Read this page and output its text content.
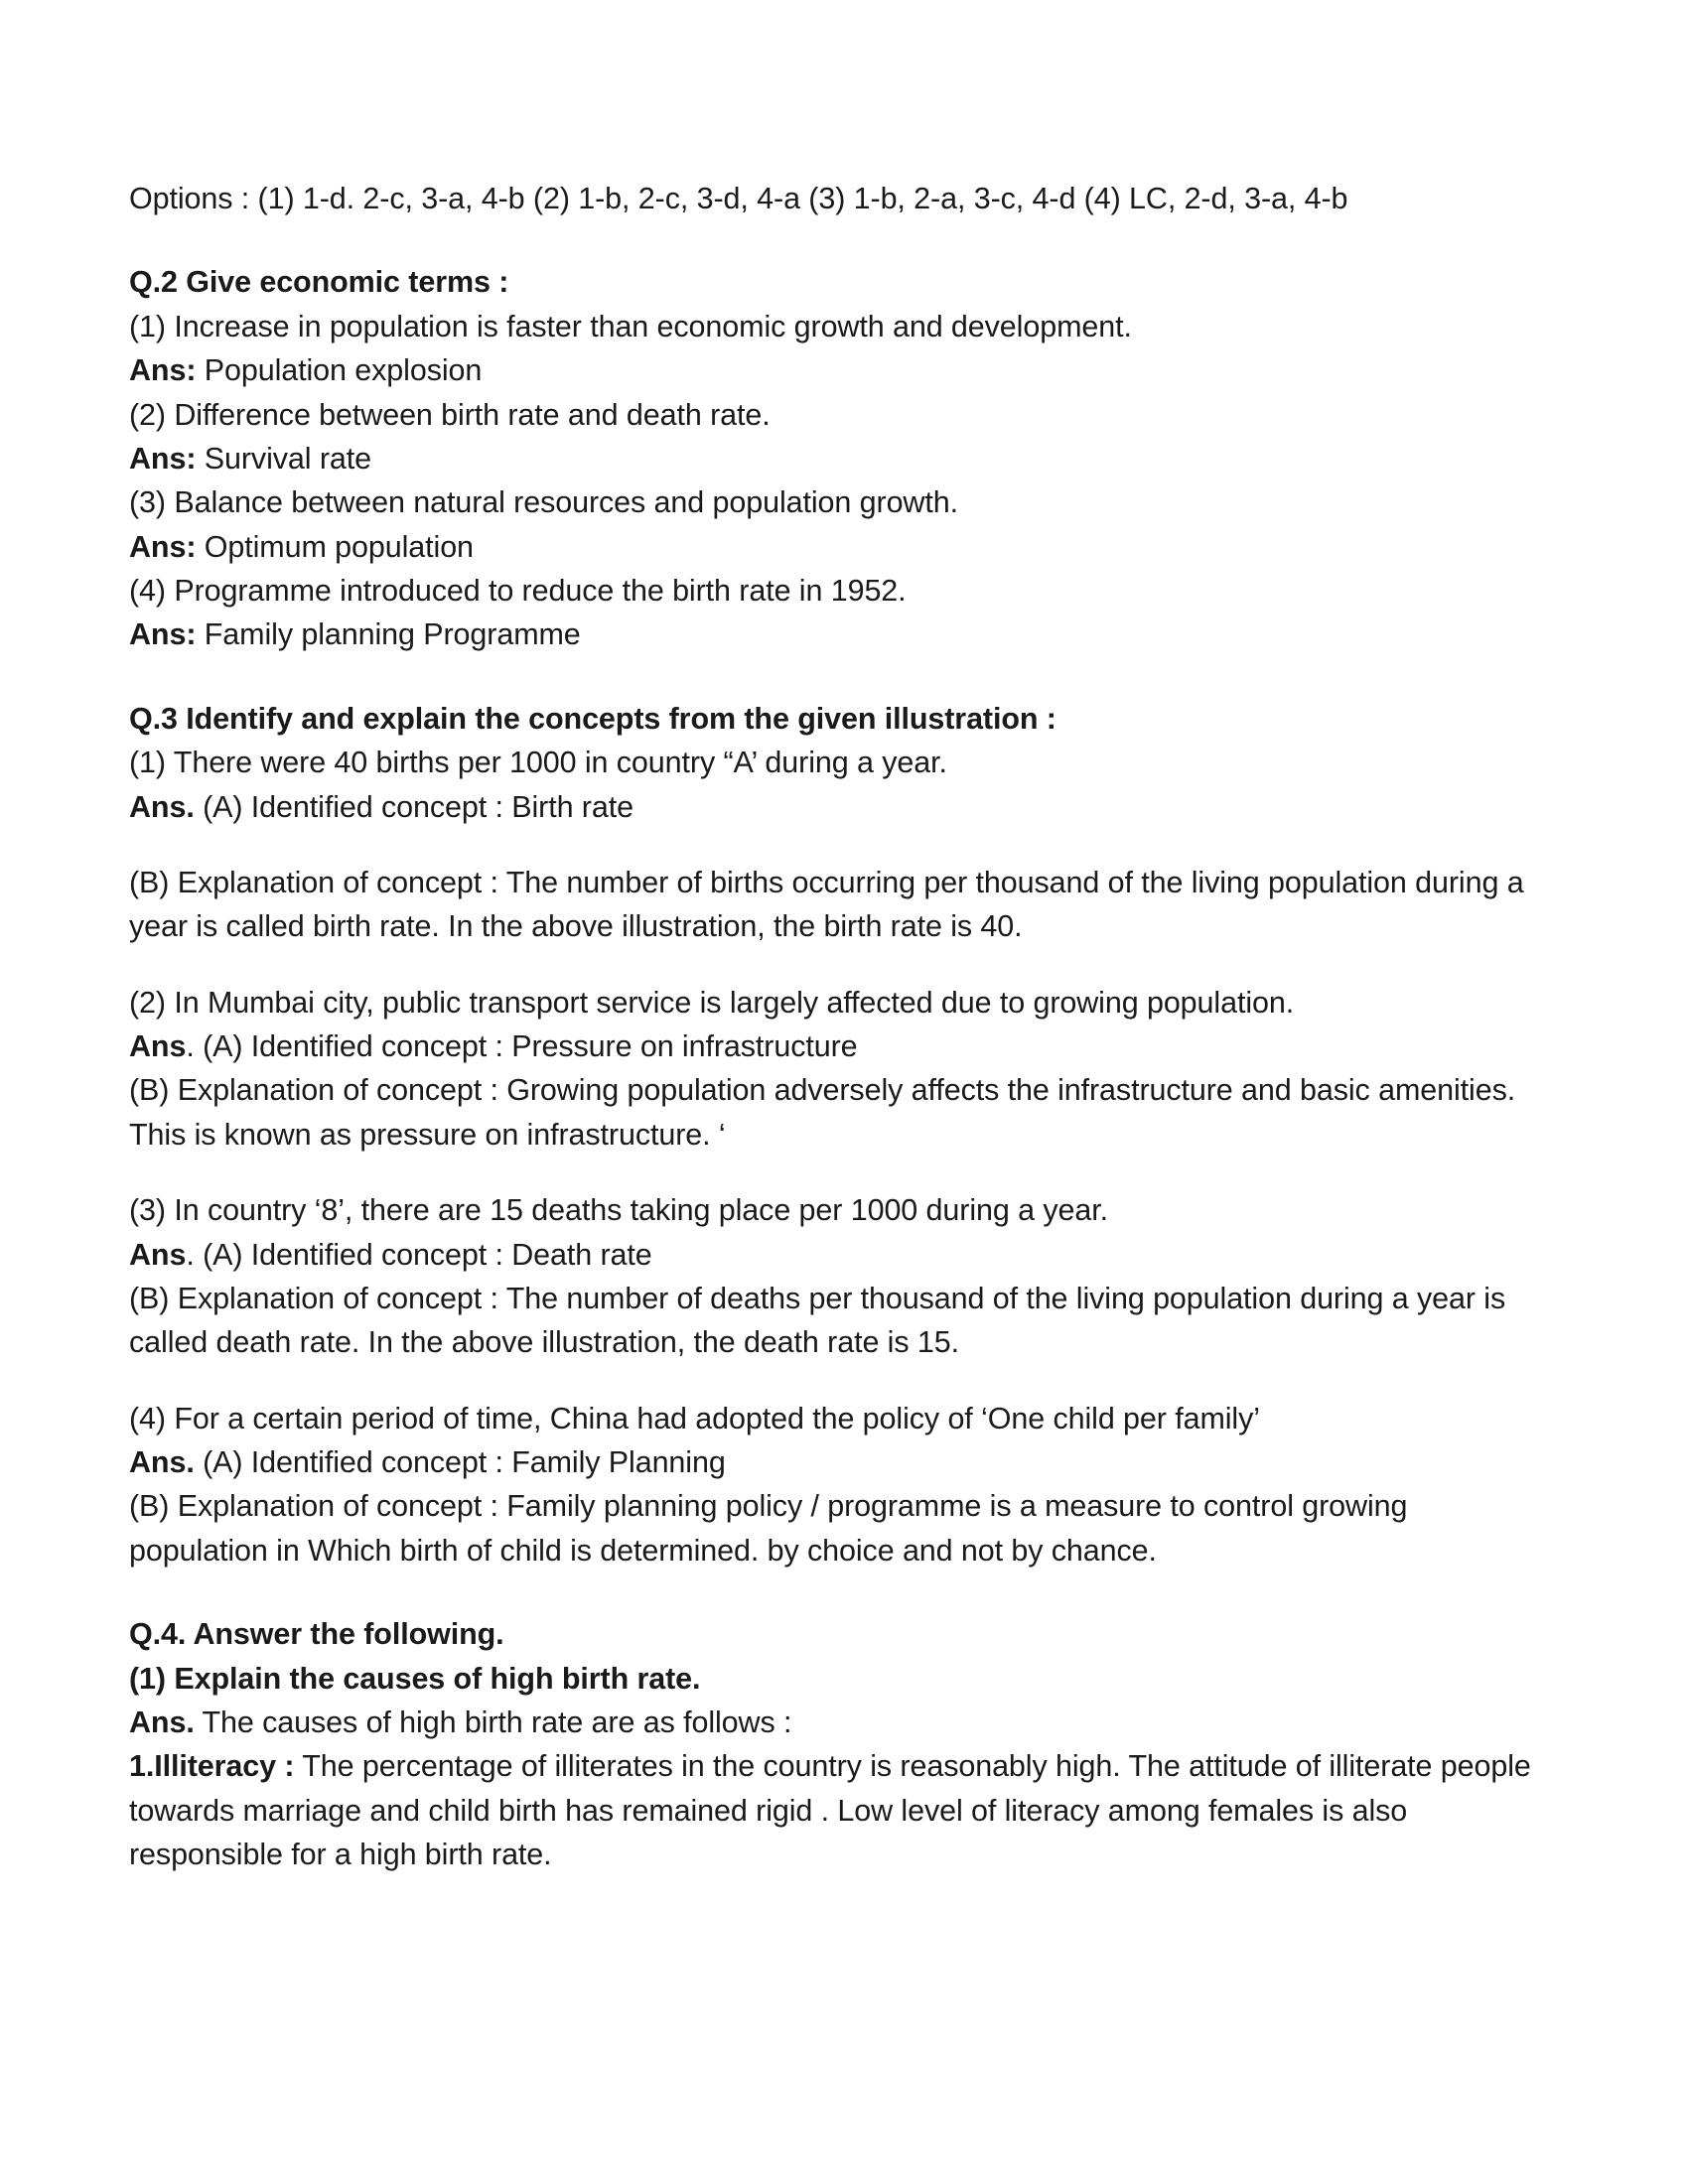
Options : (1) 1-d. 2-c, 3-a, 4-b (2) 1-b, 2-c, 3-d, 4-a (3) 1-b, 2-a, 3-c, 4-d (4) LC, 2-d, 3-a, 4-b

Q.2 Give economic terms :

(1) Increase in population is faster than economic growth and development.

Ans: Population explosion

(2) Difference between birth rate and death rate.

Ans: Survival rate

(3) Balance between natural resources and population growth.

Ans: Optimum population

(4) Programme introduced to reduce the birth rate in 1952.

Ans: Family planning Programme

Q.3 Identify and explain the concepts from the given illustration :

(1) There were 40 births per 1000 in country “A’ during a year.

Ans. (A) Identified concept : Birth rate

(B) Explanation of concept : The number of births occurring per thousand of the living population during a year is called birth rate. In the above illustration, the birth rate is 40.

(2) In Mumbai city, public transport service is largely affected due to growing population.

Ans. (A) Identified concept : Pressure on infrastructure

(B) Explanation of concept : Growing population adversely affects the infrastructure and basic amenities. This is known as pressure on infrastructure. ‘

(3) In country ‘8’, there are 15 deaths taking place per 1000 during a year.

Ans. (A) Identified concept : Death rate

(B) Explanation of concept : The number of deaths per thousand of the living population during a year is called death rate. In the above illustration, the death rate is 15.

(4) For a certain period of time, China had adopted the policy of ‘One child per family’

Ans. (A) Identified concept : Family Planning

(B) Explanation of concept : Family planning policy / programme is a measure to control growing population in Which birth of child is determined. by choice and not by chance.

Q.4. Answer the following.

(1) Explain the causes of high birth rate.

Ans. The causes of high birth rate are as follows :

1.Illiteracy : The percentage of illiterates in the country is reasonably high. The attitude of illiterate people towards marriage and child birth has remained rigid . Low level of literacy among females is also responsible for a high birth rate.
